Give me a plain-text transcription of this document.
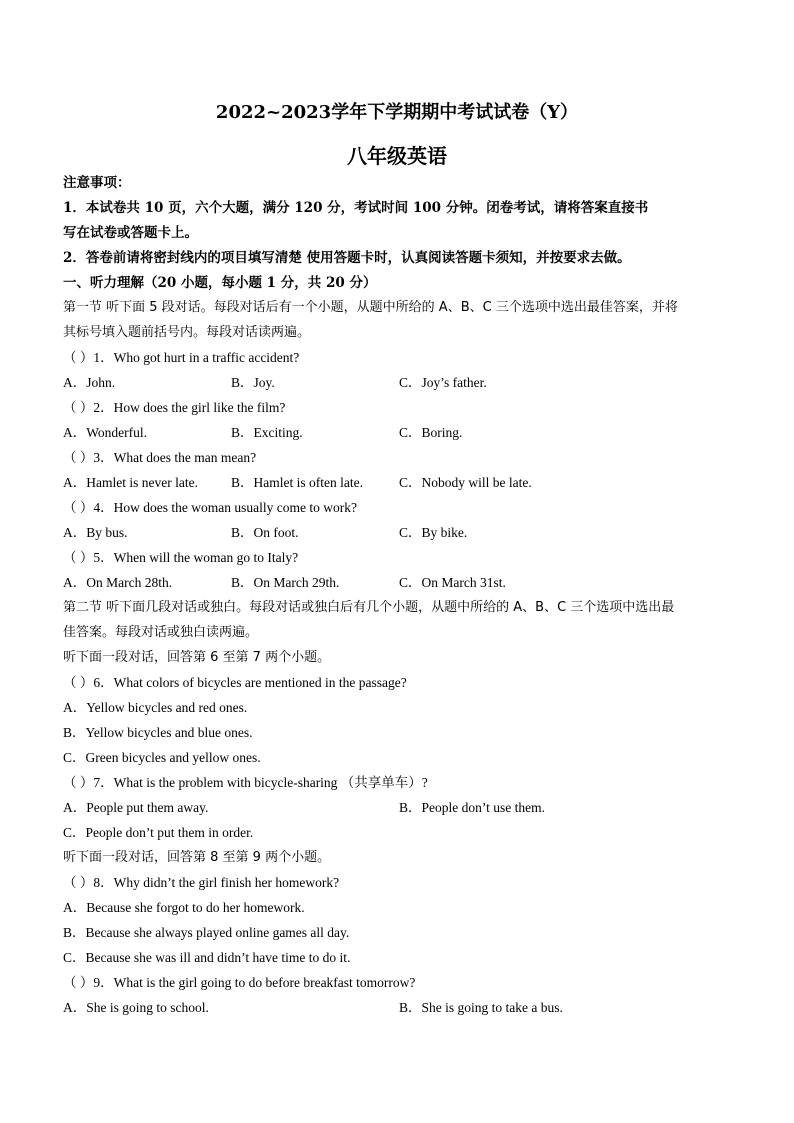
2022~2023学年下学期期中考试试卷（Y）
八年级英语
注意事项：
1．本试卷共 10 页，六个大题，满分 120 分，考试时间 100 分钟。闭卷考试，请将答案直接书
写在试卷或答题卡上。
2．答卷前请将密封线内的项目填写清楚 使用答题卡时，认真阅读答题卡须知，并按要求去做。
一、听力理解（20 小题，每小题 1 分，共 20 分）
第一节 听下面 5 段对话。每段对话后有一个小题，从题中所给的 A、B、C 三个选项中选出最佳答案，并将
其标号填入题前括号内。每段对话读两遍。
（ ）1．Who got hurt in a traffic accident?
A．John.	B．Joy.	C．Joy’s father.
（ ）2．How does the girl like the film?
A．Wonderful.	B．Exciting.	C．Boring.
（ ）3．What does the man mean?
A．Hamlet is never late. B．Hamlet is often late.	C．Nobody will be late.
（ ）4．How does the woman usually come to work?
A．By bus.	B．On foot.	C．By bike.
（ ）5．When will the woman go to Italy?
A．On March 28th.	B．On March 29th.	C．On March 31st.
第二节 听下面几段对话或独白。每段对话或独白后有几个小题，从题中所给的 A、B、C 三个选项中选出最
佳答案。每段对话或独白读两遍。
听下面一段对话，回答第 6 至第 7 两个小题。
（ ）6．What colors of bicycles are mentioned in the passage?
A．Yellow bicycles and red ones.
B．Yellow bicycles and blue ones.
C．Green bicycles and yellow ones.
（ ）7．What is the problem with bicycle-sharing （共享单车）?
A．People put them away.	B．People don’t use them.
C．People don’t put them in order.
听下面一段对话，回答第 8 至第 9 两个小题。
（ ）8．Why didn’t the girl finish her homework?
A．Because she forgot to do her homework.
B．Because she always played online games all day.
C．Because she was ill and didn’t have time to do it.
（ ）9．What is the girl going to do before breakfast tomorrow?
A．She is going to school.	B．She is going to take a bus.
